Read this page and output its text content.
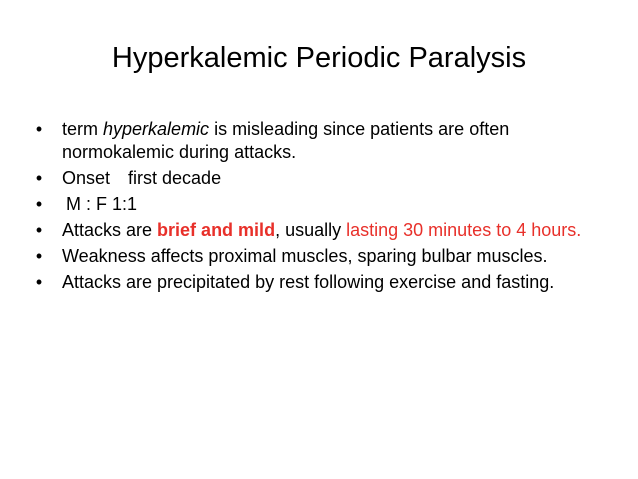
Hyperkalemic Periodic Paralysis
• term hyperkalemic is misleading since patients are often normokalemic during attacks.
• Onset first decade
• M : F 1:1
• Attacks are brief and mild, usually lasting 30 minutes to 4 hours.
• Weakness affects proximal muscles, sparing bulbar muscles.
• Attacks are precipitated by rest following exercise and fasting.
